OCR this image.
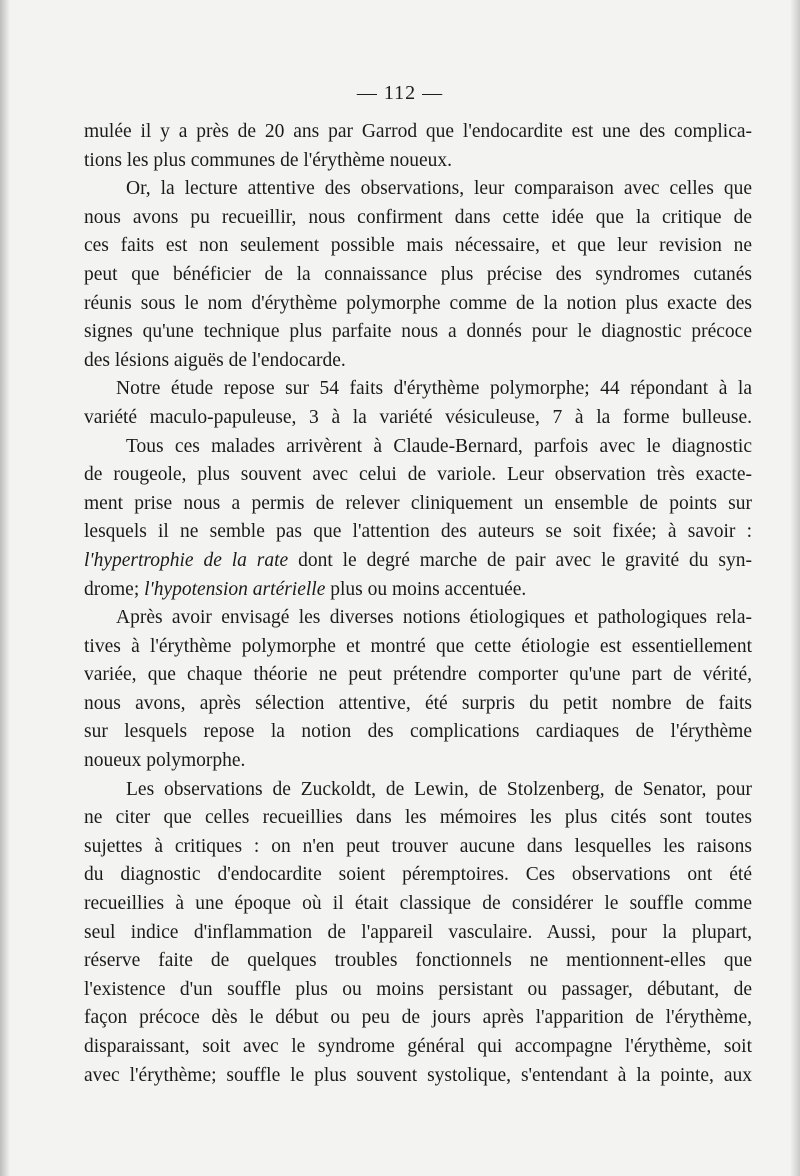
— 112 —
mulée il y a près de 20 ans par Garrod que l'endocardite est une des complica-
tions les plus communes de l'érythème noueux.
Or, la lecture attentive des observations, leur comparaison avec celles que
nous avons pu recueillir, nous confirment dans cette idée que la critique de
ces faits est non seulement possible mais nécessaire, et que leur revision ne
peut que bénéficier de la connaissance plus précise des syndromes cutanés
réunis sous le nom d'érythème polymorphe comme de la notion plus exacte des
signes qu'une technique plus parfaite nous a donnés pour le diagnostic précoce
des lésions aiguës de l'endocarde.
Notre étude repose sur 54 faits d'érythème polymorphe; 44 répondant à la
variété maculo-papuleuse, 3 à la variété vésiculeuse, 7 à la forme bulleuse.
Tous ces malades arrivèrent à Claude-Bernard, parfois avec le diagnostic
de rougeole, plus souvent avec celui de variole. Leur observation très exacte-
ment prise nous a permis de relever cliniquement un ensemble de points sur
lesquels il ne semble pas que l'attention des auteurs se soit fixée; à savoir :
l'hypertrophie de la rate dont le degré marche de pair avec le gravité du syn-
drome; l'hypotension artérielle plus ou moins accentuée.
Après avoir envisagé les diverses notions étiologiques et pathologiques rela-
tives à l'érythème polymorphe et montré que cette étiologie est essentiellement
variée, que chaque théorie ne peut prétendre comporter qu'une part de vérité,
nous avons, après sélection attentive, été surpris du petit nombre de faits
sur lesquels repose la notion des complications cardiaques de l'érythème
noueux polymorphe.
Les observations de Zuckoldt, de Lewin, de Stolzenberg, de Senator, pour
ne citer que celles recueillies dans les mémoires les plus cités sont toutes
sujettes à critiques : on n'en peut trouver aucune dans lesquelles les raisons
du diagnostic d'endocardite soient péremptoires. Ces observations ont été
recueillies à une époque où il était classique de considérer le souffle comme
seul indice d'inflammation de l'appareil vasculaire. Aussi, pour la plupart,
réserve faite de quelques troubles fonctionnels ne mentionnent-elles que
l'existence d'un souffle plus ou moins persistant ou passager, débutant, de
façon précoce dès le début ou peu de jours après l'apparition de l'érythème,
disparaissant, soit avec le syndrome général qui accompagne l'érythème, soit
avec l'érythème; souffle le plus souvent systolique, s'entendant à la pointe, aux
